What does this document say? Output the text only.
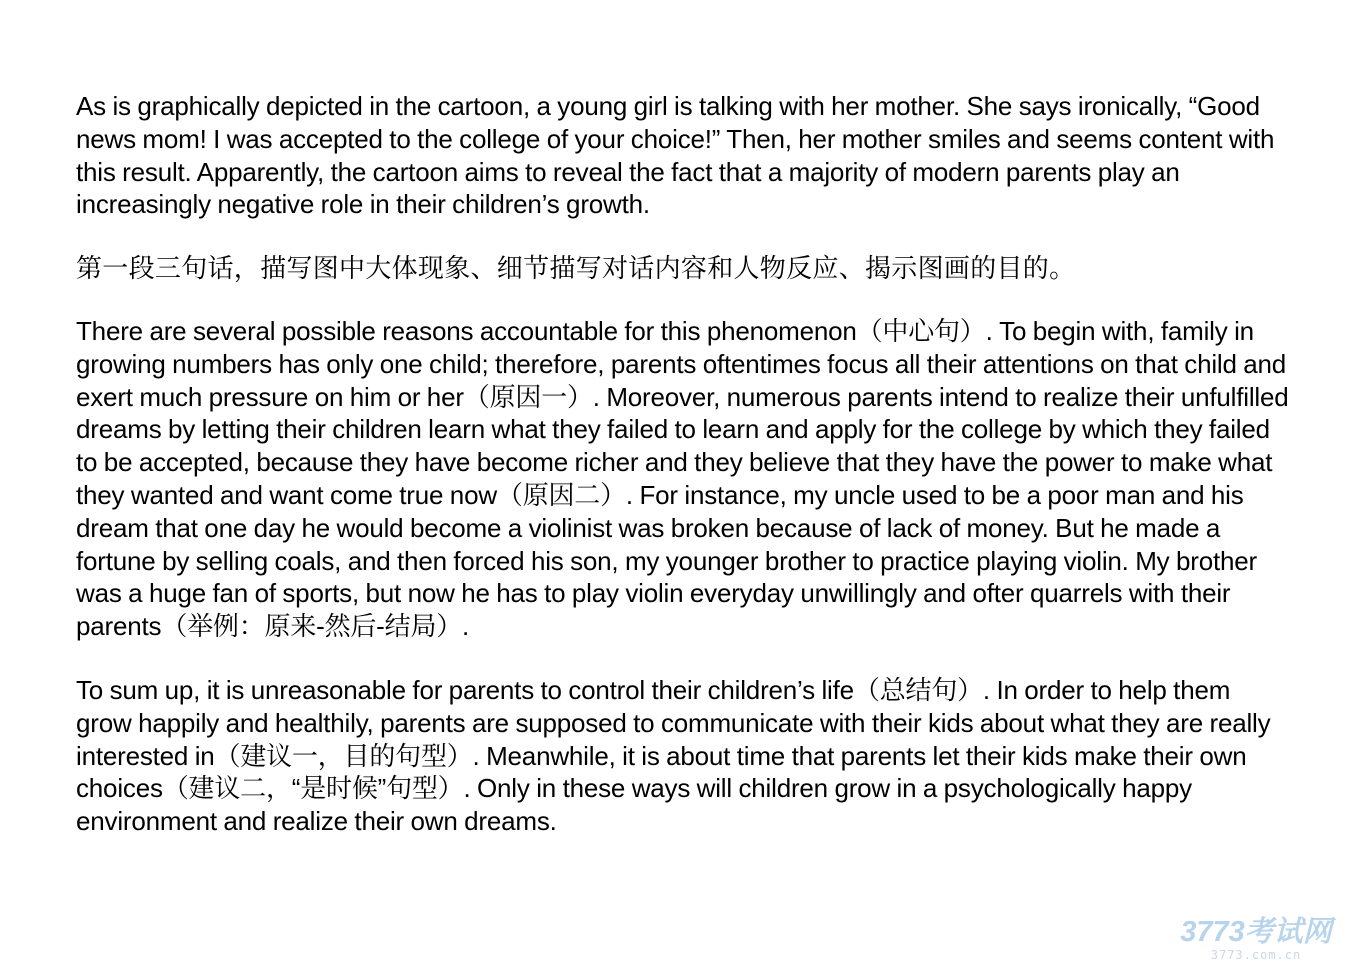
As is graphically depicted in the cartoon, a young girl is talking with her mother. She says ironically, “Good news mom! I was accepted to the college of your choice!” Then, her mother smiles and seems content with this result. Apparently, the cartoon aims to reveal the fact that a majority of modern parents play an increasingly negative role in their children’s growth.

第一段三句话，描写图中大体现象、细节描写对话内容和人物反应、揭示图画的目的。

There are several possible reasons accountable for this phenomenon（中心句）. To begin with, family in growing numbers has only one child; therefore, parents oftentimes focus all their attentions on that child and exert much pressure on him or her（原因一）. Moreover, numerous parents intend to realize their unfulfilled dreams by letting their children learn what they failed to learn and apply for the college by which they failed to be accepted, because they have become richer and they believe that they have the power to make what they wanted and want come true now（原因二）. For instance, my uncle used to be a poor man and his dream that one day he would become a violinist was broken because of lack of money. But he made a fortune by selling coals, and then forced his son, my younger brother to practice playing violin. My brother was a huge fan of sports, but now he has to play violin everyday unwillingly and ofter quarrels with their parents（举例：原来-然后-结局）.

To sum up, it is unreasonable for parents to control their children’s life（总结句）. In order to help them grow happily and healthily, parents are supposed to communicate with their kids about what they are really interested in（建议一，目的句型）. Meanwhile, it is about time that parents let their kids make their own choices（建议二，“是时候”句型）. Only in these ways will children grow in a psychologically happy environment and realize their own dreams.

3773考试网
3773.com.cn
